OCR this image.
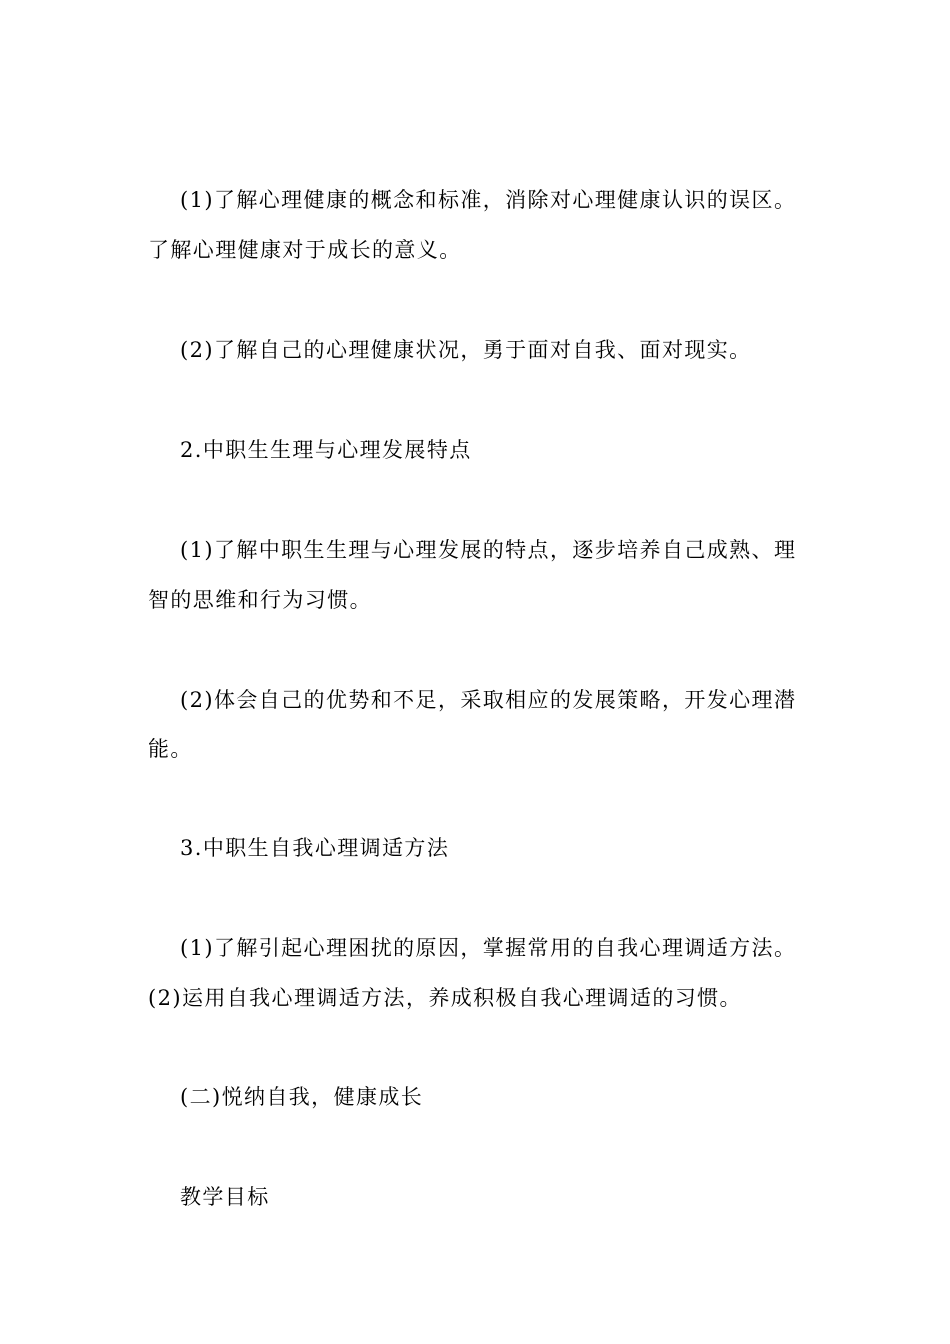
(1)了解心理健康的概念和标准，消除对心理健康认识的误区。
了解心理健康对于成长的意义。
(2)了解自己的心理健康状况，勇于面对自我、面对现实。
2.中职生生理与心理发展特点
(1)了解中职生生理与心理发展的特点，逐步培养自己成熟、理
智的思维和行为习惯。
(2)体会自己的优势和不足，采取相应的发展策略，开发心理潜
能。
3.中职生自我心理调适方法
(1)了解引起心理困扰的原因，掌握常用的自我心理调适方法。
(2)运用自我心理调适方法，养成积极自我心理调适的习惯。
(二)悦纳自我，健康成长
教学目标
